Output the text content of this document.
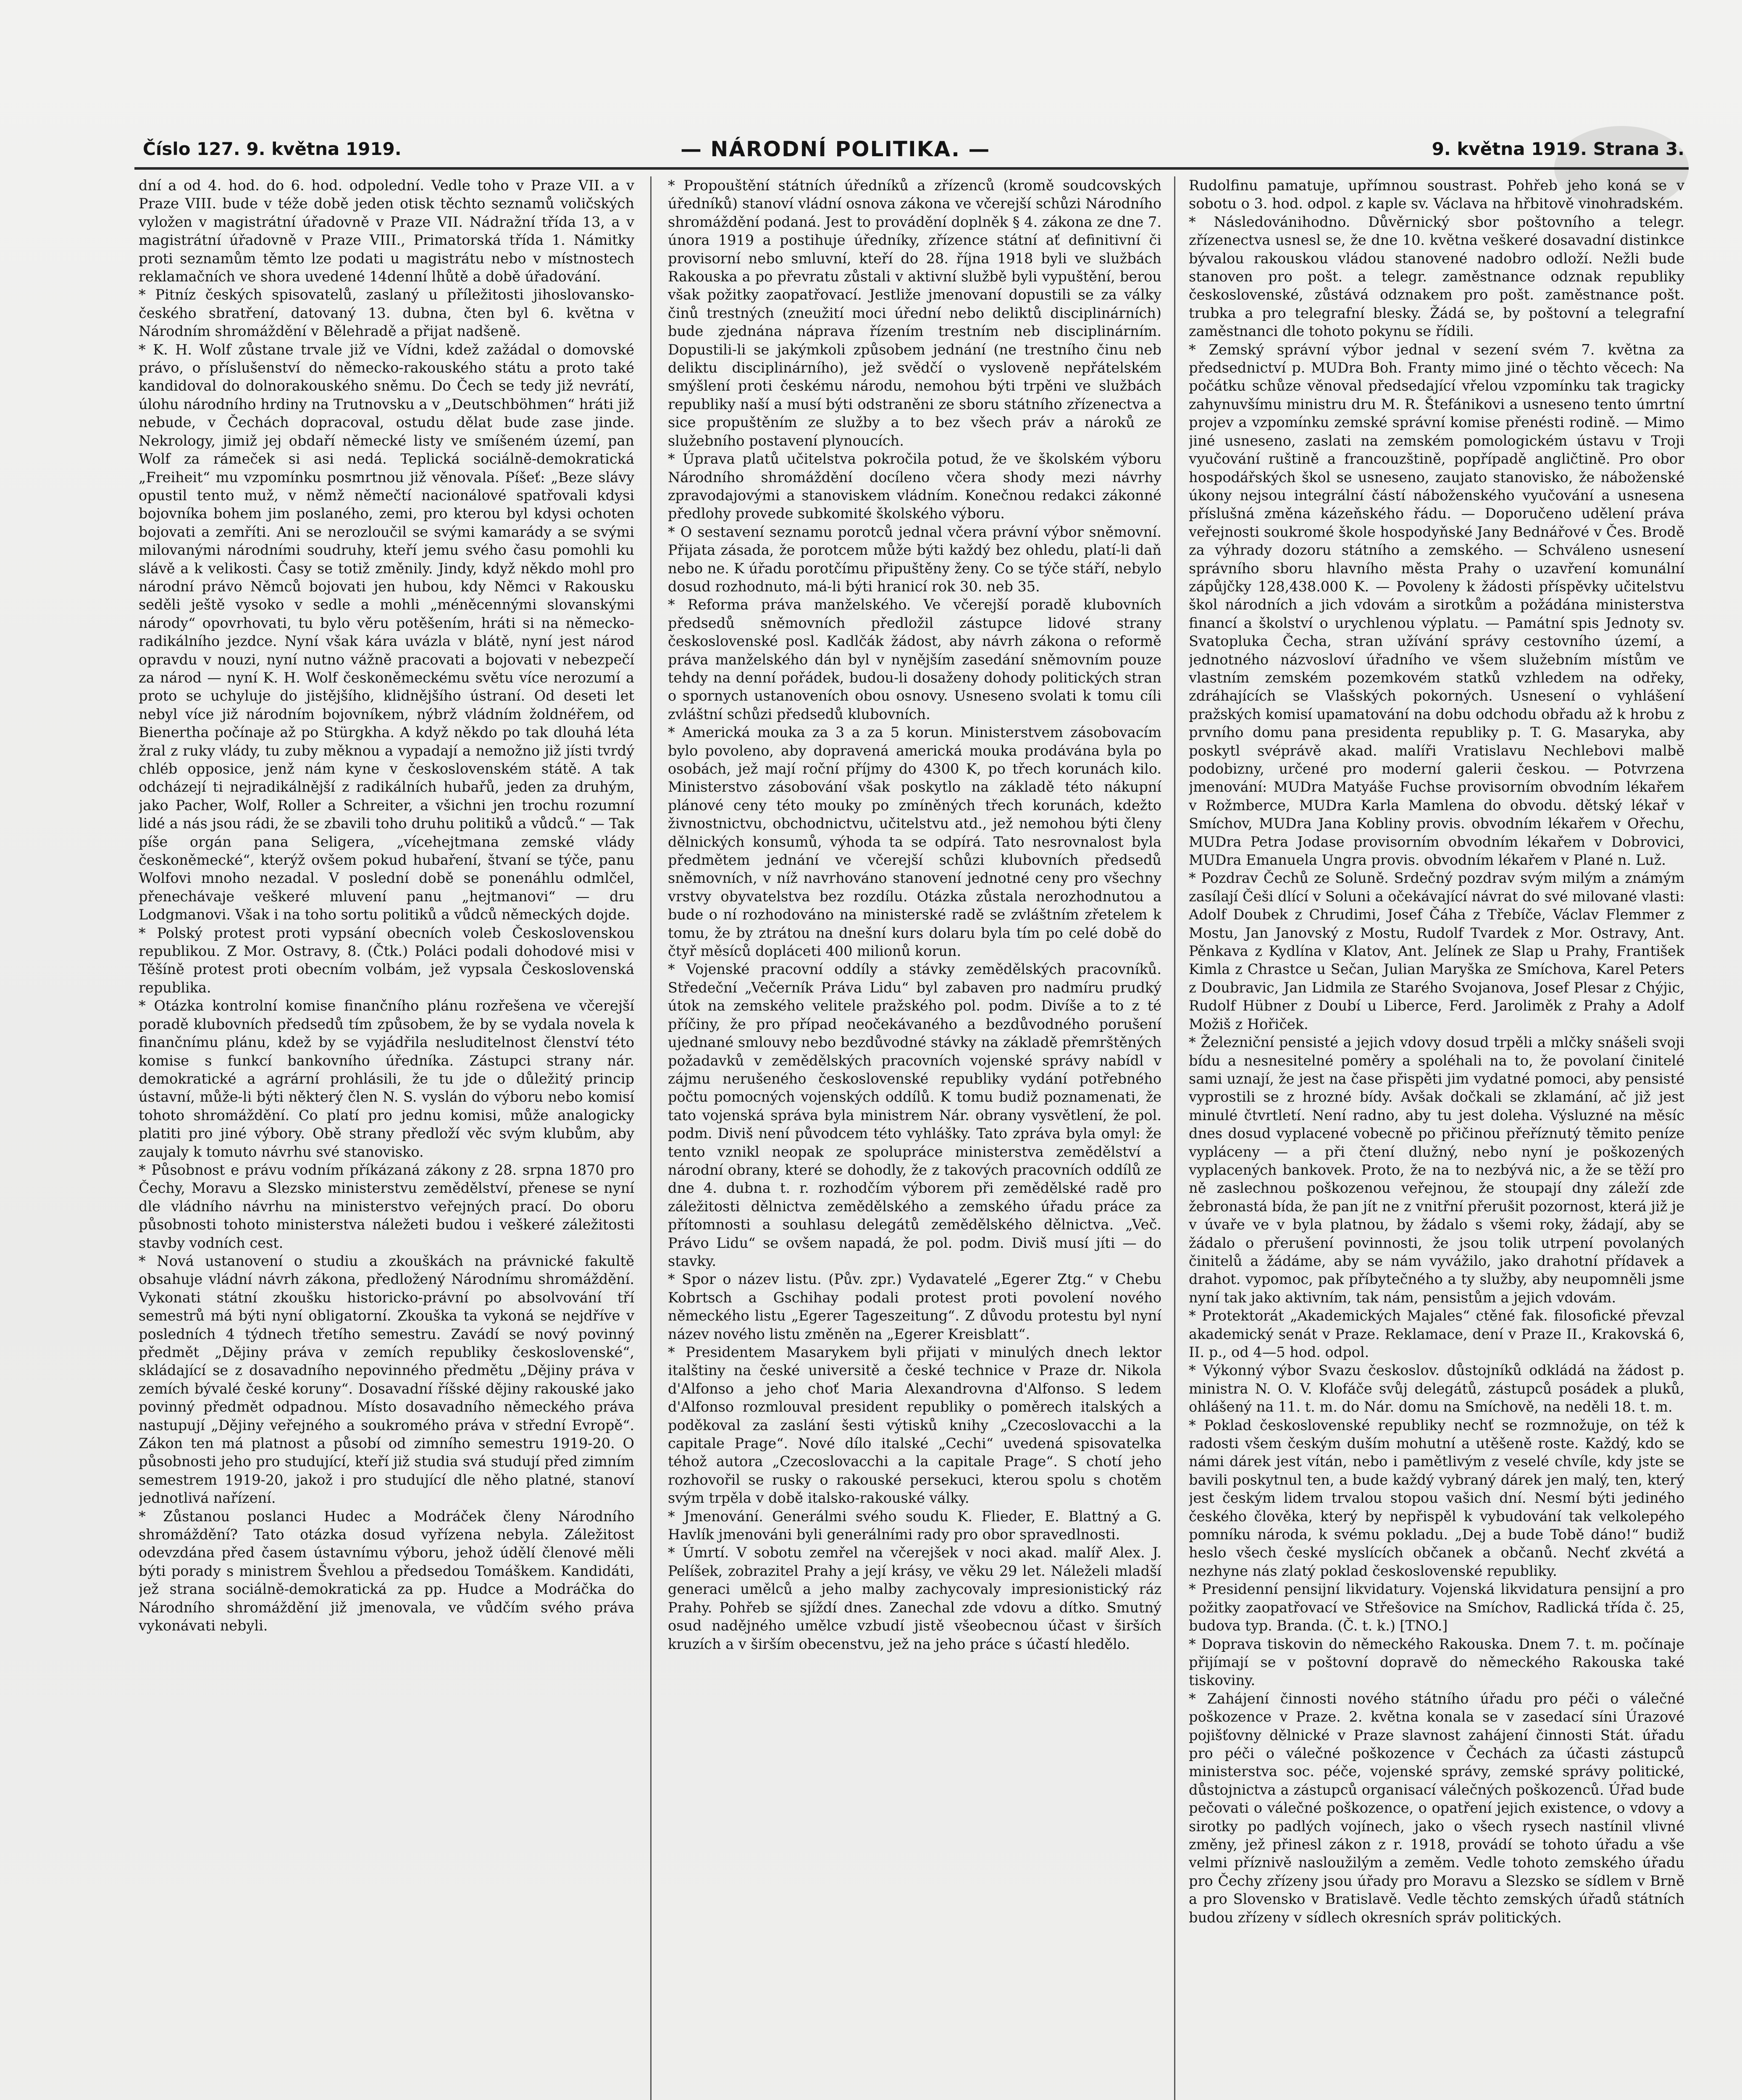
Číslo 127. 9. května 1919.	— NÁRODNÍ POLITIKA. —	9. května 1919. Strana 3.

dní a od 4. hod. do 6. hod. odpolední. Vedle toho v Praze VII. a v Praze VIII. bude v téže době jeden otisk těchto seznamů voličských vyložen v magistrátní úřadovně v Praze VII. Nádražní třída 13, a v magistrátní úřadovně v Praze VIII., Primatorská třída 1. Námitky proti seznamům těmto lze podati u magistrátu nebo v místnostech reklamačních ve shora uvedené 14denní lhůtě a době úřadování.

* Pitníz českých spisovatelů, zaslaný u příležitosti jihoslovansko-českého sbratření, datovaný 13. dubna, čten byl 6. května v Národním shromáždění v Bělehradě a přijat nadšeně.

* K. H. Wolf zůstane trvale již ve Vídni, kdež zažádal o domovské právo, o příslušenství do německo-rakouského státu a proto také kandidoval do dolnorakouského sněmu. Do Čech se tedy již nevrátí, úlohu národního hrdiny na Trutnovsku a v „Deutschböhmen“ hráti již nebude, v Čechách dopracoval, ostudu dělat bude zase jinde. Nekrology, jimiž jej obdaří německé listy ve smíšeném území, pan Wolf za rámeček si asi nedá. Teplická sociálně-demokratická „Freiheit“ mu vzpomínku posmrtnou již věnovala. Píšeť: „Beze slávy opustil tento muž, v němž němečtí nacionálové spatřovali kdysi bojovníka bohem jim poslaného, zemi, pro kterou byl kdysi ochoten bojovati a zemříti. Ani se nerozloučil se svými kamarády a se svými milovanými národními soudruhy, kteří jemu svého času pomohli ku slávě a k velikosti. Časy se totiž změnily. Jindy, když někdo mohl pro národní právo Němců bojovati jen hubou, kdy Němci v Rakousku seděli ještě vysoko v sedle a mohli „méněcennými slovanskými národy“ opovrhovati, tu bylo věru potěšením, hráti si na německo-radikálního jezdce. Nyní však kára uvázla v blátě, nyní jest národ opravdu v nouzi, nyní nutno vážně pracovati a bojovati v nebezpečí za národ — nyní K. H. Wolf českoněmeckému světu více nerozumí a proto se uchyluje do jistějšího, klidnějšího ústraní. Od deseti let nebyl více již národním bojovníkem, nýbrž vládním žoldnéřem, od Bienertha počínaje až po Stürgkha. A když někdo po tak dlouhá léta žral z ruky vlády, tu zuby měknou a vypadají a nemožno již jísti tvrdý chléb opposice, jenž nám kyne v československém státě. A tak odcházejí ti nejradikálnější z radikálních hubařů, jeden za druhým, jako Pacher, Wolf, Roller a Schreiter, a všichni jen trochu rozumní lidé a nás jsou rádi, že se zbavili toho druhu politiků a vůdců.“ — Tak píše orgán pana Seligera, „vícehejtmana zemské vlády českoněmecké“, kterýž ovšem pokud hubaření, štvaní se týče, panu Wolfovi mnoho nezadal. V poslední době se ponenáhlu odmlčel, přenechávaje veškeré mluvení panu „hejtmanovi“ — dru Lodgmanovi. Však i na toho sortu politiků a vůdců německých dojde.

* Polský protest proti vypsání obecních voleb Československou republikou. Z Mor. Ostravy, 8. (Čtk.) Poláci podali dohodové misi v Těšíně protest proti obecním volbám, jež vypsala Československá republika.

* Otázka kontrolní komise finančního plánu rozřešena ve včerejší poradě klubovních předsedů tím způsobem, že by se vydala novela k finančnímu plánu, kdež by se vyjádřila nesluditelnost členství této komise s funkcí bankovního úředníka. Zástupci strany nár. demokratické a agrární prohlásili, že tu jde o důležitý princip ústavní, může-li býti některý člen N. S. vyslán do výboru nebo komisí tohoto shromáždění. Co platí pro jednu komisi, může analogicky platiti pro jiné výbory. Obě strany předloží věc svým klubům, aby zaujaly k tomuto návrhu své stanovisko.

* Působnost e právu vodním příkázaná zákony z 28. srpna 1870 pro Čechy, Moravu a Slezsko ministerstvu zemědělství, přenese se nyní dle vládního návrhu na ministerstvo veřejných prací. Do oboru působnosti tohoto ministerstva náležeti budou i veškeré záležitosti stavby vodních cest.

* Nová ustanovení o studiu a zkouškách na právnické fakultě obsahuje vládní návrh zákona, předložený Národnímu shromáždění. Vykonati státní zkoušku historicko-právní po absolvování tří semestrů má býti nyní obligatorní. Zkouška ta vykoná se nejdříve v posledních 4 týdnech třetího semestru. Zavádí se nový povinný předmět „Dějiny práva v zemích republiky československé“, skládající se z dosavadního nepovinného předmětu „Dějiny práva v zemích bývalé české koruny“. Dosavadní říšské dějiny rakouské jako povinný předmět odpadnou. Místo dosavadního německého práva nastupují „Dějiny veřejného a soukromého práva v střední Evropě“. Zákon ten má platnost a působí od zimního semestru 1919-20. O působnosti jeho pro studující, kteří již studia svá studují před zimním semestrem 1919-20, jakož i pro studující dle něho platné, stanoví jednotlivá nařízení.

* Zůstanou poslanci Hudec a Modráček členy Národního shromáždění? Tato otázka dosud vyřízena nebyla. Záležitost odevzdána před časem ústavnímu výboru, jehož údělí členové měli býti porady s ministrem Švehlou a předsedou Tomáškem. Kandidáti, jež strana sociálně-demokratická za pp. Hudce a Modráčka do Národního shromáždění již jmenovala, ve vůdčím svého práva vykonávati nebyli.

* Propouštění státních úředníků a zřízenců (kromě soudcovských úředníků) stanoví vládní osnova zákona ve včerejší schůzi Národního shromáždění podaná. Jest to provádění doplněk § 4. zákona ze dne 7. února 1919 a postihuje úředníky, zřízence státní ať definitivní či provisorní nebo smluvní, kteří do 28. října 1918 byli ve službách Rakouska a po převratu zůstali v aktivní službě byli vypuštění, berou však požitky zaopatřovací. Jestliže jmenovaní dopustili se za války činů trestných (zneužití moci úřední nebo deliktů disciplinárních) bude zjednána náprava řízením trestním neb disciplinárním. Dopustili-li se jakýmkoli způsobem jednání (ne trestního činu neb deliktu disciplinárního), jež svědčí o vysloveně nepřátelském smýšlení proti českému národu, nemohou býti trpěni ve službách republiky naší a musí býti odstraněni ze sboru státního zřízenectva a sice propuštěním ze služby a to bez všech práv a nároků ze služebního postavení plynoucích.

* Úprava platů učitelstva pokročila potud, že ve školském výboru Národního shromáždění docíleno včera shody mezi návrhy zpravodajovými a stanoviskem vládním. Konečnou redakci zákonné předlohy provede subkomité školského výboru.

* O sestavení seznamu porotců jednal včera právní výbor sněmovní. Přijata zásada, že porotcem může býti každý bez ohledu, platí-li daň nebo ne. K úřadu porotčímu připuštěny ženy. Co se týče stáří, nebylo dosud rozhodnuto, má-li býti hranicí rok 30. neb 35.

* Reforma práva manželského. Ve včerejší poradě klubovních předsedů sněmovních předložil zástupce lidové strany československé posl. Kadlčák žádost, aby návrh zákona o reformě práva manželského dán byl v nynějším zasedání sněmovním pouze tehdy na denní pořádek, budou-li dosaženy dohody politických stran o spornych ustanoveních obou osnovy. Usneseno svolati k tomu cíli zvláštní schůzi předsedů klubovních.

* Americká mouka za 3 a za 5 korun. Ministerstvem zásobovacím bylo povoleno, aby dopravená americká mouka prodávána byla po osobách, jež mají roční příjmy do 4300 K, po třech korunách kilo. Ministerstvo zásobování však poskytlo na základě této nákupní plánové ceny této mouky po zmíněných třech korunách, kdežto živnostnictvu, obchodnictvu, učitelstvu atd., jež nemohou býti členy dělnických konsumů, výhoda ta se odpírá. Tato nesrovnalost byla předmětem jednání ve včerejší schůzi klubovních předsedů sněmovních, v níž navrhováno stanovení jednotné ceny pro všechny vrstvy obyvatelstva bez rozdílu. Otázka zůstala nerozhodnutou a bude o ní rozhodováno na ministerské radě se zvláštním zřetelem k tomu, že by ztrátou na dnešní kurs dolaru byla tím po celé době do čtyř měsíců dopláceti 400 milionů korun.

* Vojenské pracovní oddíly a stávky zemědělských pracovníků. Středeční „Večerník Práva Lidu“ byl zabaven pro nadmíru prudký útok na zemského velitele pražského pol. podm. Divíše a to z té příčiny, že pro případ neočekávaného a bezdůvodného porušení ujednané smlouvy nebo bezdůvodné stávky na základě přemrštěných požadavků v zemědělských pracovních vojenské správy nabídl v zájmu nerušeného československé republiky vydání potřebného počtu pomocných vojenských oddílů. K tomu budiž poznamenati, že tato vojenská správa byla ministrem Nár. obrany vysvětlení, že pol. podm. Diviš není původcem této vyhlášky. Tato zpráva byla omyl: že tento vznikl neopak ze spolupráce ministerstva zemědělství a národní obrany, které se dohodly, že z takových pracovních oddílů ze dne 4. dubna t. r. rozhodčím výborem při zemědělské radě pro záležitosti dělnictva zemědělského a zemského úřadu práce za přítomnosti a souhlasu delegátů zemědělského dělnictva. „Več. Právo Lidu“ se ovšem napadá, že pol. podm. Diviš musí jíti — do stavky.

* Spor o název listu. (Pův. zpr.) Vydavatelé „Egerer Ztg.“ v Chebu Kobrtsch a Gschihay podali protest proti povolení nového německého listu „Egerer Tageszeitung“. Z důvodu protestu byl nyní název nového listu změněn na „Egerer Kreisblatt“.

* Presidentem Masarykem byli přijati v minulých dnech lektor italštiny na české universitě a české technice v Praze dr. Nikola d'Alfonso a jeho choť Maria Alexandrovna d'Alfonso. S ledem d'Alfonso rozmlouval president republiky o poměrech italských a poděkoval za zaslání šesti výtisků knihy „Czecoslovacchi a la capitale Prage“. Nové dílo italské „Cechi“ uvedená spisovatelka téhož autora „Czecoslovacchi a la capitale Prage“. S chotí jeho rozhovořil se rusky o rakouské persekuci, kterou spolu s chotěm svým trpěla v době italsko-rakouské války.

* Jmenování. Generálmi svého soudu K. Flieder, E. Blattný a G. Havlík jmenováni byli generálními rady pro obor spravedlnosti.

* Úmrtí. V sobotu zemřel na včerejšek v noci akad. malíř Alex. J. Pelíšek, zobrazitel Prahy a její krásy, ve věku 29 let. Náleželi mladší generaci umělců a jeho malby zachycovaly impresionistický ráz Prahy. Pohřeb se sjíždí dnes. Zanechal zde vdovu a dítko. Smutný osud nadějného umělce vzbudí jistě všeobecnou účast v širších kruzích a v širším obecenstvu, jež na jeho práce s účastí hledělo.

Rudolfinu pamatuje, upřímnou soustrast. Pohřeb jeho koná se v sobotu o 3. hod. odpol. z kaple sv. Václava na hřbitově vinohradském.

* Následovánihodno. Důvěrnický sbor poštovního a telegr. zřízenectva usnesl se, že dne 10. května veškeré dosavadní distinkce bývalou rakouskou vládou stanovené nadobro odloží. Nežli bude stanoven pro pošt. a telegr. zaměstnance odznak republiky československé, zůstává odznakem pro pošt. zaměstnance pošt. trubka a pro telegrafní blesky. Žádá se, by poštovní a telegrafní zaměstnanci dle tohoto pokynu se řídili.

* Zemský správní výbor jednal v sezení svém 7. května za předsednictví p. MUDra Boh. Franty mimo jiné o těchto věcech: Na počátku schůze věnoval předsedající vřelou vzpomínku tak tragicky zahynuvšímu ministru dru M. R. Štefánikovi a usneseno tento úmrtní projev a vzpomínku zemské správní komise přenésti rodině. — Mimo jiné usneseno, zaslati na zemském pomologickém ústavu v Troji vyučování ruštině a francouzštině, popřípadě angličtině. Pro obor hospodářských škol se usneseno, zaujato stanovisko, že náboženské úkony nejsou integrální částí náboženského vyučování a usnesena příslušná změna kázeňského řádu. — Doporučeno udělení práva veřejnosti soukromé škole hospodyňské Jany Bednářové v Čes. Brodě za výhrady dozoru státního a zemského. — Schváleno usnesení správního sboru hlavního města Prahy o uzavření komunální zápůjčky 128,438.000 K. — Povoleny k žádosti příspěvky učitelstvu škol národních a jich vdovám a sirotkům a požádána ministerstva financí a školství o urychlenou výplatu. — Památní spis Jednoty sv. Svatopluka Čecha, stran užívání správy cestovního území, a jednotného názvosloví úřadního ve všem služebním místům ve vlastním zemském pozemkovém statků vzhledem na odřeky, zdráhajících se Vlašských pokorných. Usnesení o vyhlášení pražských komisí upamatování na dobu odchodu obřadu až k hrobu z prvního domu pana presidenta republiky p. T. G. Masaryka, aby poskytl svéprávě akad. malíři Vratislavu Nechlebovi malbě podobizny, určené pro moderní galerii českou. — Potvrzena jmenování: MUDra Matyáše Fuchse provisorním obvodním lékařem v Rožmberce, MUDra Karla Mamlena do obvodu. dětský lékař v Smíchov, MUDra Jana Kobliny provis. obvodním lékařem v Ořechu, MUDra Petra Jodase provisorním obvodním lékařem v Dobrovici, MUDra Emanuela Ungra provis. obvodním lékařem v Plané n. Luž.

* Pozdrav Čechů ze Soluně. Srdečný pozdrav svým milým a známým zasílají Češi dlící v Soluni a očekávající návrat do své milované vlasti: Adolf Doubek z Chrudimi, Josef Čáha z Třebíče, Václav Flemmer z Mostu, Jan Janovský z Mostu, Rudolf Tvardek z Mor. Ostravy, Ant. Pěnkava z Kydlína v Klatov, Ant. Jelínek ze Slap u Prahy, František Kimla z Chrastce u Sečan, Julian Maryška ze Smíchova, Karel Peters z Doubravic, Jan Lidmila ze Starého Svojanova, Josef Plesar z Chýjic, Rudolf Hübner z Doubí u Liberce, Ferd. Jaroliměk z Prahy a Adolf Možiš z Hořiček.

* Železniční pensisté a jejich vdovy dosud trpěli a mlčky snášeli svoji bídu a nesnesitelné poměry a spoléhali na to, že povolaní činitelé sami uznají, že jest na čase přispěti jim vydatné pomoci, aby pensisté vyprostili se z hrozné bídy. Avšak dočkali se zklamání, ač již jest minulé čtvrtletí. Není radno, aby tu jest doleha. Výsluzné na měsíc dnes dosud vyplacené vobecně po přičinou přeříznutý těmito peníze vypláceny — a při čtení dlužný, nebo nyní je poškozených vyplacených bankovek. Proto, že na to nezbývá nic, a že se těží pro ně zaslechnou poškozenou veřejnou, že stoupají dny záleží zde žebronastá bída, že pan jít ne z vnitřní přerušit pozornost, která již je v úvaře ve v byla platnou, by žádalo s všemi roky, žádají, aby se žádalo o přerušení povinnosti, že jsou tolik utrpení povolaných činitelů a žádáme, aby se nám vyvážilo, jako drahotní přídavek a drahot. vypomoc, pak příbytečného a ty služby, aby neupomněli jsme nyní tak jako aktivním, tak nám, pensistům a jejich vdovám.

* Protektorát „Akademických Majales“ ctěné fak. filosofické převzal akademický senát v Praze. Reklamace, dení v Praze II., Krakovská 6, II. p., od 4—5 hod. odpol.

* Výkonný výbor Svazu českoslov. důstojníků odkládá na žádost p. ministra N. O. V. Klofáče svůj delegátů, zástupců posádek a pluků, ohlášený na 11. t. m. do Nár. domu na Smíchově, na neděli 18. t. m.

* Poklad československé republiky nechť se rozmnožuje, on též k radosti všem českým duším mohutní a utěšeně roste. Každý, kdo se námi dárek jest vítán, nebo i pamětlivým z veselé chvíle, kdy jste se bavili poskytnul ten, a bude každý vybraný dárek jen malý, ten, který jest českým lidem trvalou stopou vašich dní. Nesmí býti jediného českého člověka, který by nepřispěl k vybudování tak velkolepého pomníku národa, k svému pokladu. „Dej a bude Tobě dáno!“ budiž heslo všech české myslících občanek a občanů. Nechť zkvétá a nezhyne nás zlatý poklad československé republiky.

* Presidenní pensijní likvidatury. Vojenská likvidatura pensijní a pro požitky zaopatřovací ve Střešovice na Smíchov, Radlická třída č. 25, budova typ. Branda. (Č. t. k.) [TNO.]

* Doprava tiskovin do německého Rakouska. Dnem 7. t. m. počínaje přijímají se v poštovní dopravě do německého Rakouska také tiskoviny.

* Zahájení činnosti nového státního úřadu pro péči o válečné poškozence v Praze. 2. května konala se v zasedací síni Úrazové pojišťovny dělnické v Praze slavnost zahájení činnosti Stát. úřadu pro péči o válečné poškozence v Čechách za účasti zástupců ministerstva soc. péče, vojenské správy, zemské správy politické, důstojnictva a zástupců organisací válečných poškozenců. Úřad bude pečovati o válečné poškozence, o opatření jejich existence, o vdovy a sirotky po padlých vojínech, jako o všech rysech nastínil vlivné změny, jež přinesl zákon z r. 1918, provádí se tohoto úřadu a vše velmi příznivě nasloužilým a zeměm. Vedle tohoto zemského úřadu pro Čechy zřízeny jsou úřady pro Moravu a Slezsko se sídlem v Brně a pro Slovensko v Bratislavě. Vedle těchto zemských úřadů státních budou zřízeny v sídlech okresních správ politických.
